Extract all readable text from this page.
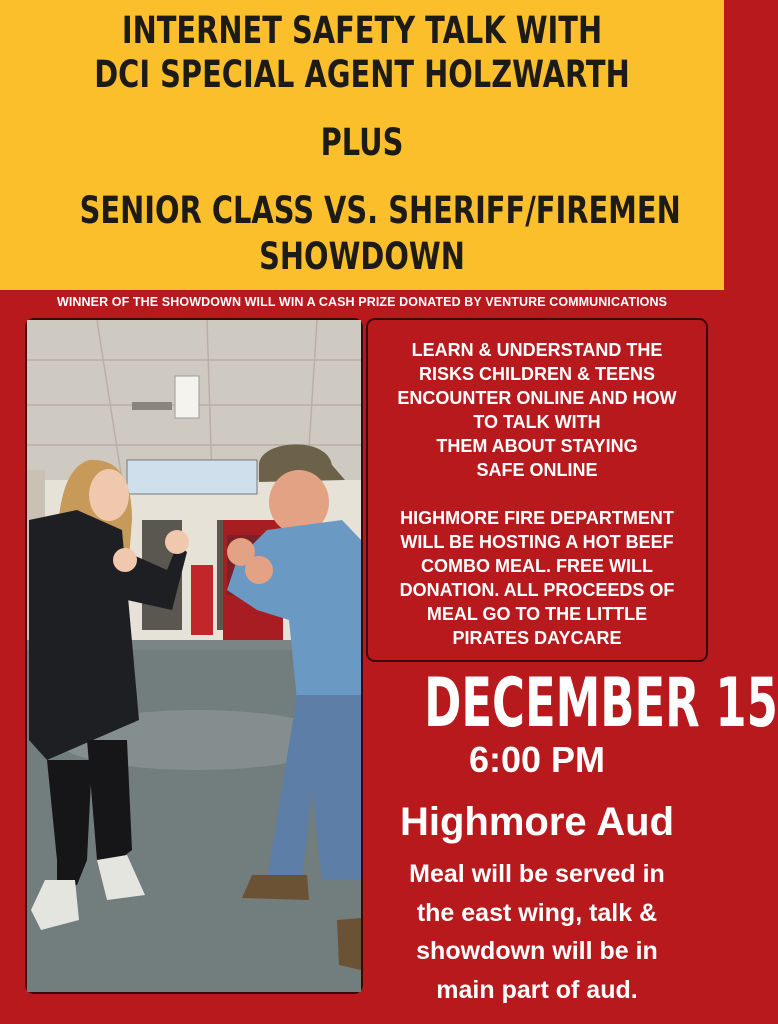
INTERNET SAFETY TALK WITH
DCI SPECIAL AGENT HOLZWARTH
PLUS
SENIOR CLASS VS. SHERIFF/FIREMEN
SHOWDOWN
WINNER OF THE SHOWDOWN WILL WIN A CASH PRIZE DONATED BY VENTURE COMMUNICATIONS

LEARN & UNDERSTAND THE

RISKS CHILDREN & TEENS

ENCOUNTER ONLINE AND HOW

TO TALK WITH

THEM ABOUT STAYING

SAFE ONLINE

HIGHMORE FIRE DEPARTMENT

WILL BE HOSTING A HOT BEEF

COMBO MEAL. FREE WILL

DONATION. ALL PROCEEDS OF

MEAL GO TO THE LITTLE

PIRATES DAYCARE

DECEMBER 15
6:00 PM
Highmore Aud
Meal will be served in
the east wing, talk &
showdown will be in
main part of aud.
